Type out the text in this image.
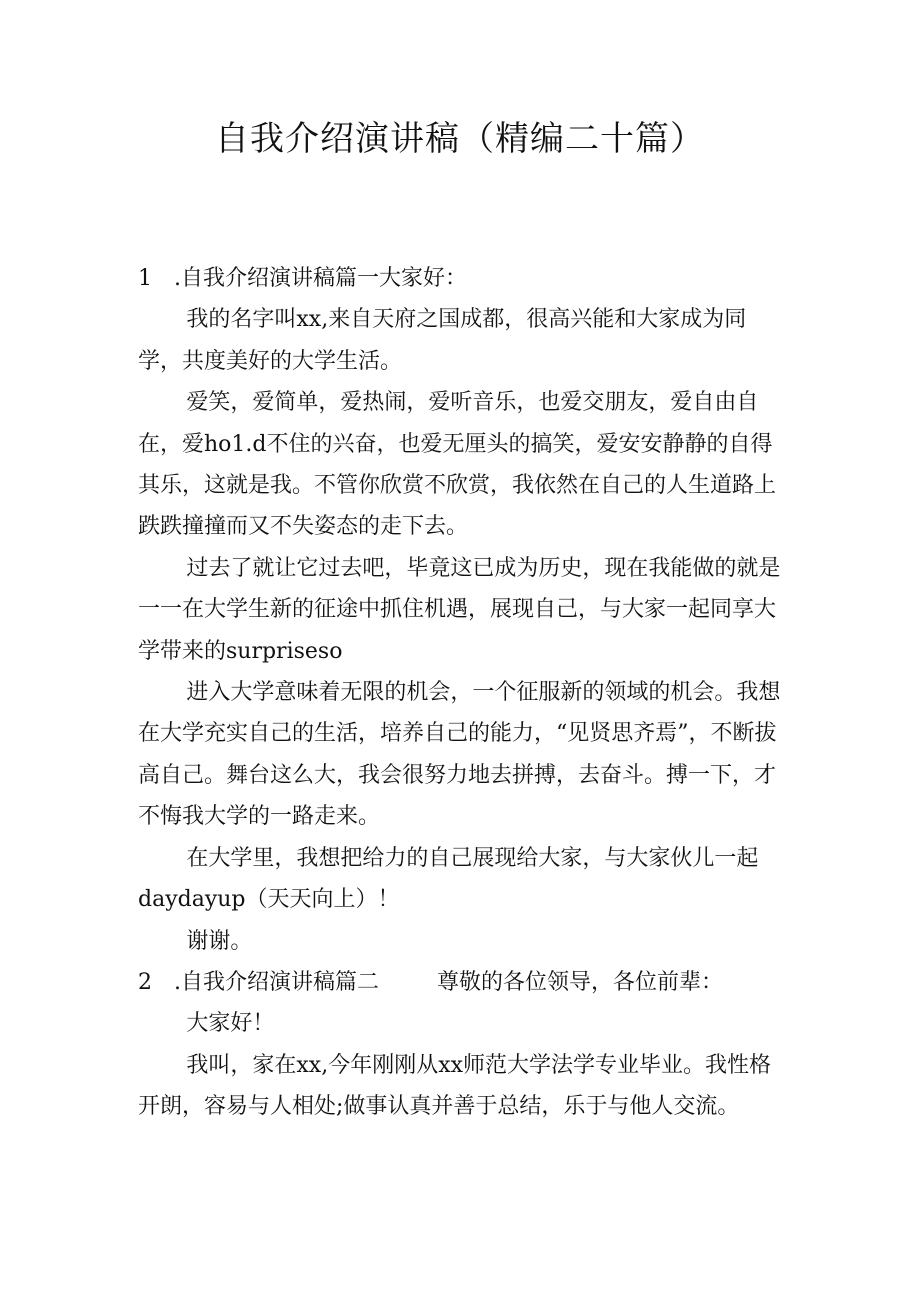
自我介绍演讲稿（精编二十篇）

1 .自我介绍演讲稿篇一大家好：

我的名字叫xx,来自天府之国成都，很高兴能和大家成为同学，共度美好的大学生活。

爱笑，爱简单，爱热闹，爱听音乐，也爱交朋友，爱自由自在，爱ho1.d不住的兴奋，也爱无厘头的搞笑，爱安安静静的自得其乐，这就是我。不管你欣赏不欣赏，我依然在自己的人生道路上跌跌撞撞而又不失姿态的走下去。

过去了就让它过去吧，毕竟这已成为历史，现在我能做的就是一一在大学生新的征途中抓住机遇，展现自己，与大家一起同享大学带来的surpriseso

进入大学意味着无限的机会，一个征服新的领域的机会。我想在大学充实自己的生活，培养自己的能力，“见贤思齐焉”，不断拔高自己。舞台这么大，我会很努力地去拼搏，去奋斗。搏一下，才不悔我大学的一路走来。

在大学里，我想把给力的自己展现给大家，与大家伙儿一起daydayup（天天向上）！

谢谢。

2 .自我介绍演讲稿篇二	尊敬的各位领导，各位前辈：

大家好！

我叫，家在xx,今年刚刚从xx师范大学法学专业毕业。我性格开朗，容易与人相处;做事认真并善于总结，乐于与他人交流。
